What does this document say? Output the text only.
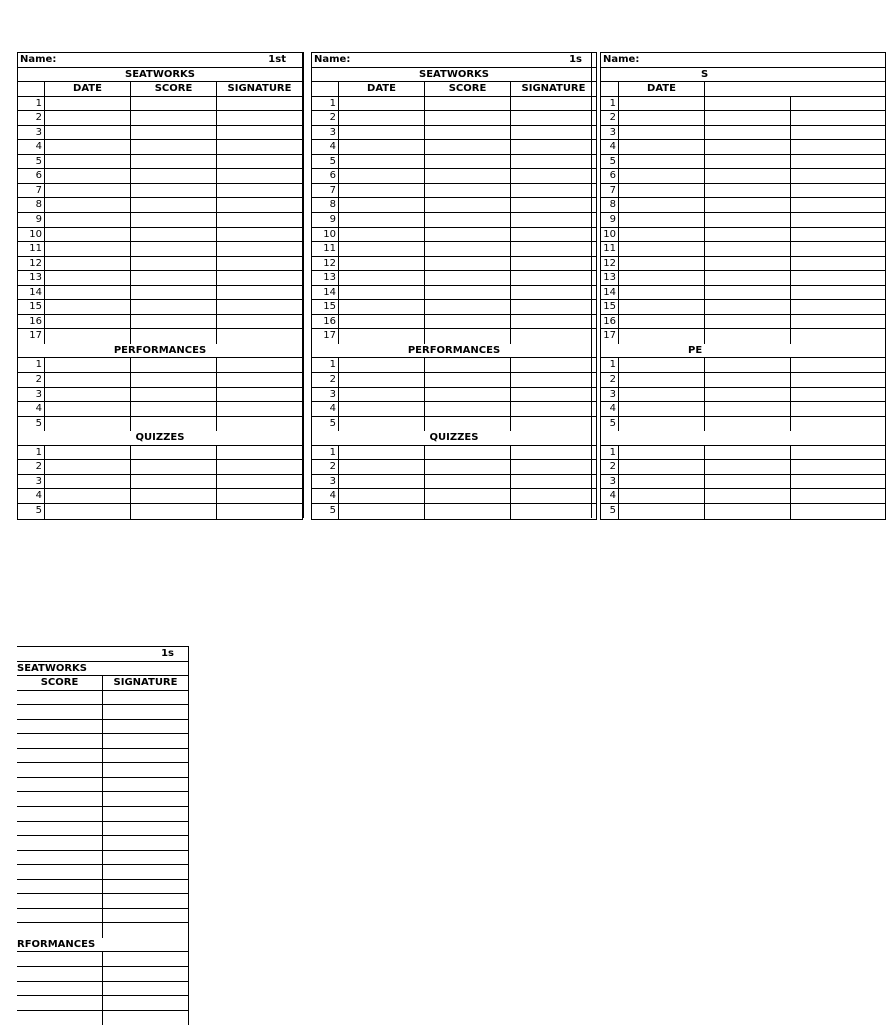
Name:	1st
SEATWORKS
DATE	SCORE	SIGNATURE
1
2
3
4
5
6
7
8
9
10
11
12
13
14
15
16
17
PERFORMANCES
1
2
3
4
5
QUIZZES
1
2
3
4
5
Name:	1s
SEATWORKS
DATE	SCORE	SIGNATURE
1
2
3
4
5
6
7
8
9
10
11
12
13
14
15
16
17
PERFORMANCES
1
2
3
4
5
QUIZZES
1
2
3
4
5
Name:
S
DATE
1
2
3
4
5
6
7
8
9
10
11
12
13
14
15
16
17
PE
1
2
3
4
5
1
2
3
4
5
1s
SEATWORKS
SCORE	SIGNATURE
RFORMANCES
